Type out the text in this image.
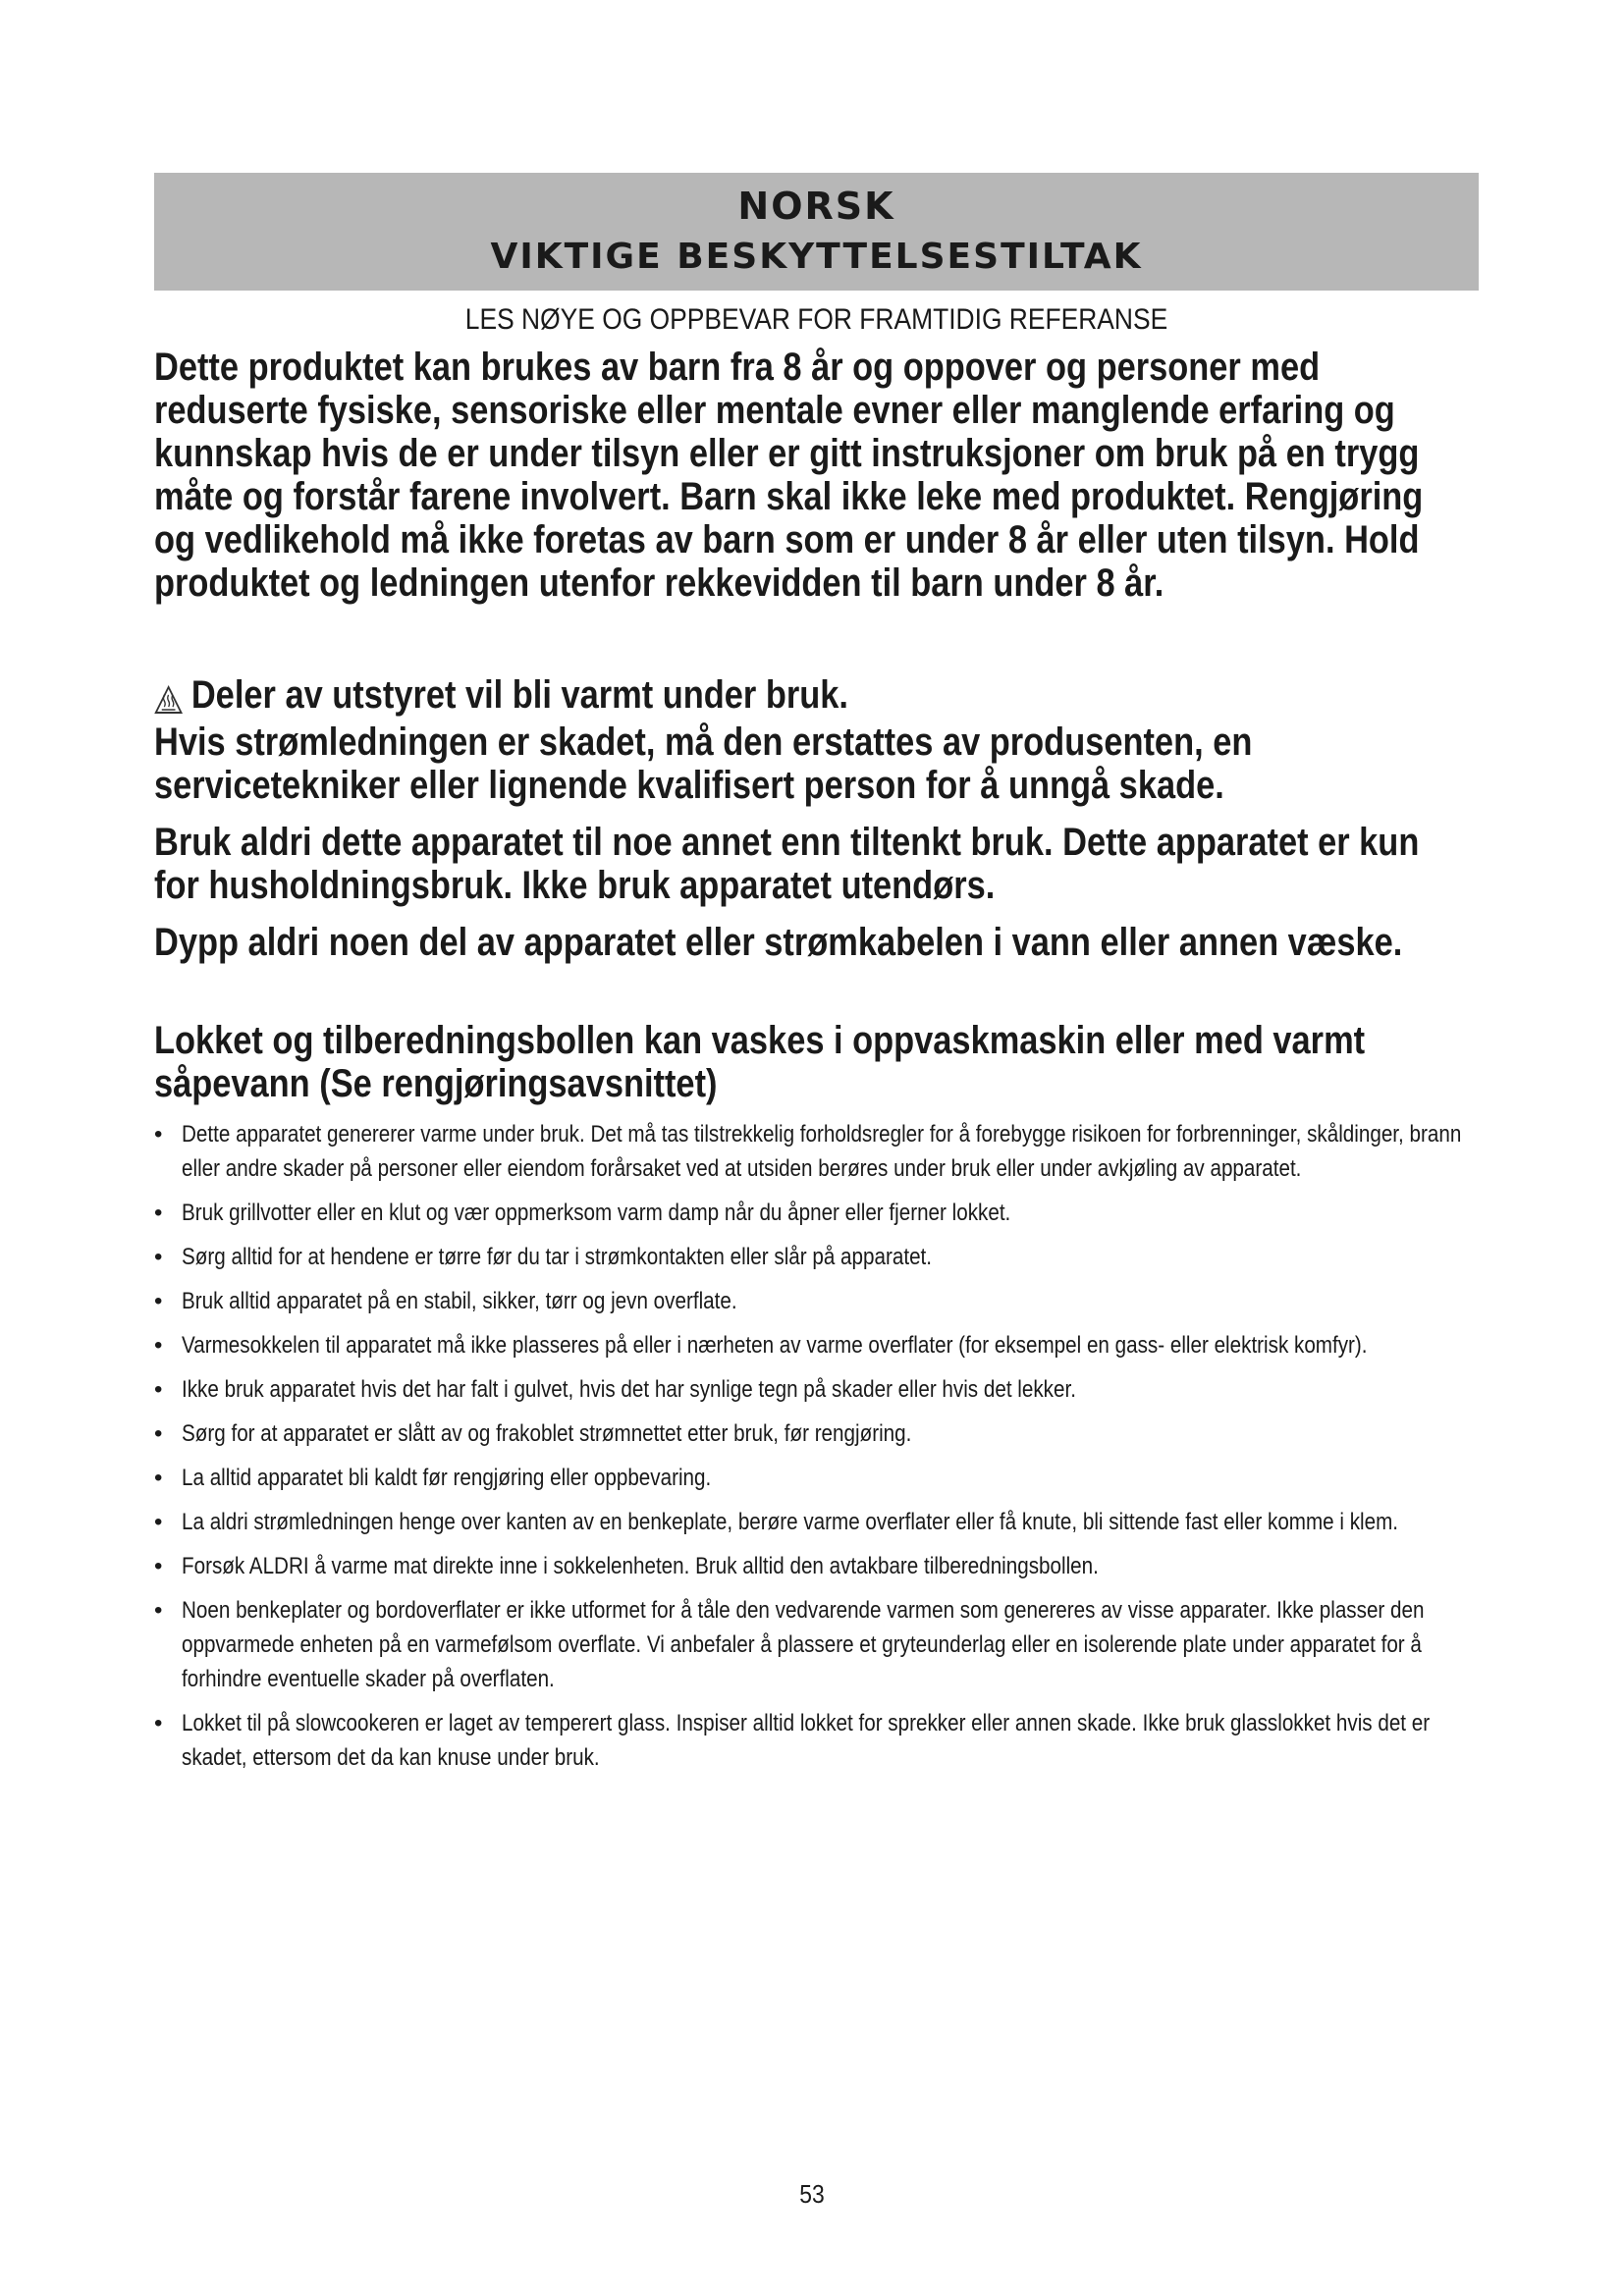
NORSK
VIKTIGE BESKYTTELSESTILTAK
LES NØYE OG OPPBEVAR FOR FRAMTIDIG REFERANSE

Dette produktet kan brukes av barn fra 8 år og oppover og personer med reduserte fysiske, sensoriske eller mentale evner eller manglende erfaring og kunnskap hvis de er under tilsyn eller er gitt instruksjoner om bruk på en trygg måte og forstår farene involvert. Barn skal ikke leke med produktet. Rengjøring og vedlikehold må ikke foretas av barn som er under 8 år eller uten tilsyn. Hold produktet og ledningen utenfor rekkevidden til barn under 8 år.

Deler av utstyret vil bli varmt under bruk.

Hvis strømledningen er skadet, må den erstattes av produsenten, en servicetekniker eller lignende kvalifisert person for å unngå skade.

Bruk aldri dette apparatet til noe annet enn tiltenkt bruk. Dette apparatet er kun for husholdningsbruk. Ikke bruk apparatet utendørs.

Dypp aldri noen del av apparatet eller strømkabelen i vann eller annen væske.

Lokket og tilberedningsbollen kan vaskes i oppvaskmaskin eller med varmt såpevann (Se rengjøringsavsnittet)

• Dette apparatet genererer varme under bruk. Det må tas tilstrekkelig forholdsregler for å forebygge risikoen for forbrenninger, skåldinger, brann eller andre skader på personer eller eiendom forårsaket ved at utsiden berøres under bruk eller under avkjøling av apparatet.
• Bruk grillvotter eller en klut og vær oppmerksom varm damp når du åpner eller fjerner lokket.
• Sørg alltid for at hendene er tørre før du tar i strømkontakten eller slår på apparatet.
• Bruk alltid apparatet på en stabil, sikker, tørr og jevn overflate.
• Varmesokkelen til apparatet må ikke plasseres på eller i nærheten av varme overflater (for eksempel en gass- eller elektrisk komfyr).
• Ikke bruk apparatet hvis det har falt i gulvet, hvis det har synlige tegn på skader eller hvis det lekker.
• Sørg for at apparatet er slått av og frakoblet strømnettet etter bruk, før rengjøring.
• La alltid apparatet bli kaldt før rengjøring eller oppbevaring.
• La aldri strømledningen henge over kanten av en benkeplate, berøre varme overflater eller få knute, bli sittende fast eller komme i klem.
• Forsøk ALDRI å varme mat direkte inne i sokkelenheten. Bruk alltid den avtakbare tilberedningsbollen.
• Noen benkeplater og bordoverflater er ikke utformet for å tåle den vedvarende varmen som genereres av visse apparater. Ikke plasser den oppvarmede enheten på en varmefølsom overflate. Vi anbefaler å plassere et gryteunderlag eller en isolerende plate under apparatet for å forhindre eventuelle skader på overflaten.
• Lokket til på slowcookeren er laget av temperert glass. Inspiser alltid lokket for sprekker eller annen skade. Ikke bruk glasslokket hvis det er skadet, ettersom det da kan knuse under bruk.
53
